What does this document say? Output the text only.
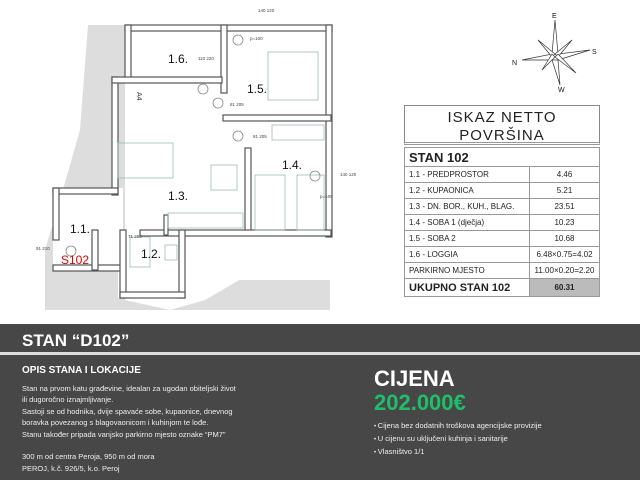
1.1.
1.2.
1.3.
1.4.
1.5.
1.6.
S102
A4
p=100
81 205
81 205
140 120
140 120
110 220
p=100
71 205
91 210
E
S
N
W
ISKAZ NETTO
POVRŠINA
STAN 102	
1.1 - PREDPROSTOR	4.46
1.2 - KUPAONICA	5.21
1.3 - DN. BOR., KUH., BLAG.	23.51
1.4 - SOBA 1 (dječja)	10.23
1.5 - SOBA 2	10.68
1.6 - LOGGIA	6.48×0.75=4.02
PARKIRNO MJESTO	11.00×0.20=2.20
UKUPNO STAN 102	60.31
STAN “D102”
OPIS STANA I LOKACIJE
Stan na prvom katu građevine, idealan za ugodan obiteljski život
ili dugoročno iznajmljivanje.
Sastoji se od hodnika, dvije spavaće sobe, kupaonice, dnevnog
boravka povezanog s blagovaonicom i kuhinjom te lođe.
Stanu također pripada vanjsko parkirno mjesto oznake “PM7”
300 m od centra Peroja, 950 m od mora
PEROJ, k.č. 926/5, k.o. Peroj
CIJENA
202.000€
• Cijena bez dodatnih troškova agencijske provizije
• U cijenu su uključeni kuhinja i sanitarije
• Vlasništvo 1/1
